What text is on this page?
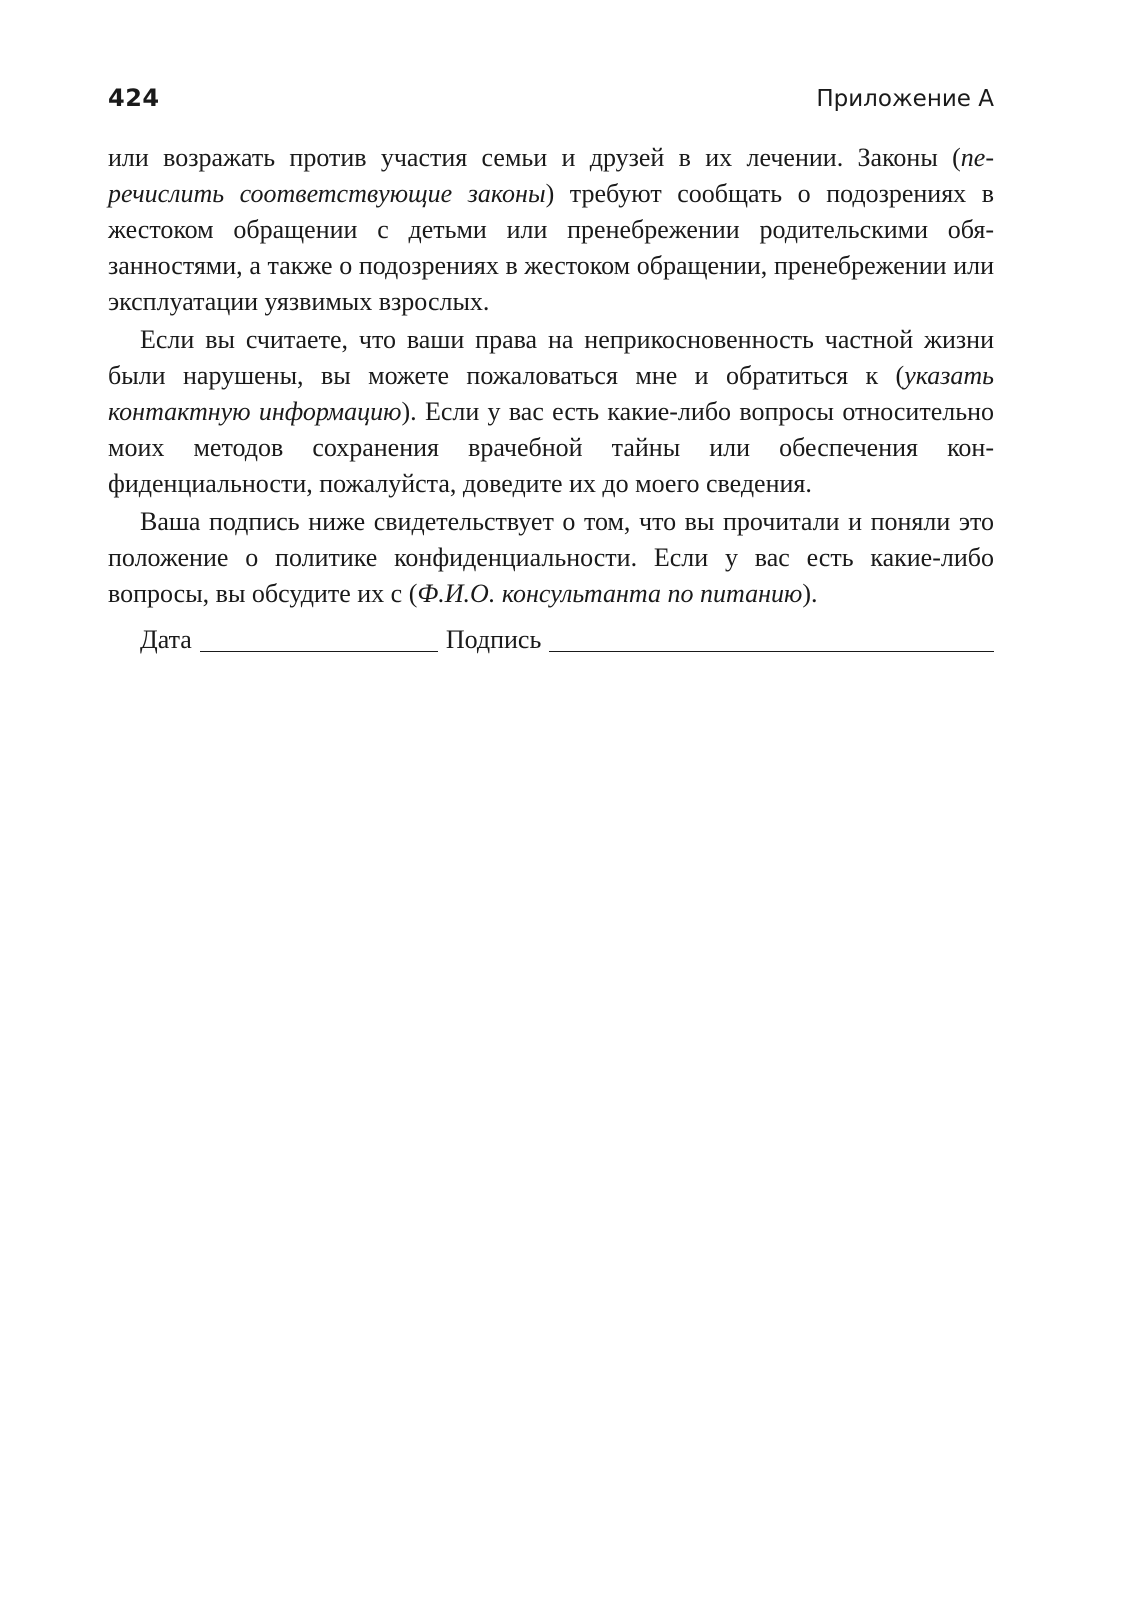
424	Приложение А

или возражать против участия семьи и друзей в их лечении. Законы (перечислить соответствующие законы) требуют сообщать о подозрениях в жестоком обращении с детьми или пренебрежении родительскими обязанностями, а также о подозрениях в жестоком обращении, пренебрежении или эксплуатации уязвимых взрослых.

Если вы считаете, что ваши права на неприкосновенность частной жизни были нарушены, вы можете пожаловаться мне и обратиться к (указать контактную информацию). Если у вас есть какие-либо вопросы относительно моих методов сохранения врачебной тайны или обеспечения конфиденциальности, пожалуйста, доведите их до моего сведения.

Ваша подпись ниже свидетельствует о том, что вы прочитали и поняли это положение о политике конфиденциальности. Если у вас есть какие-либо вопросы, вы обсудите их с (Ф.И.О. консультанта по питанию).

Дата	Подпись
